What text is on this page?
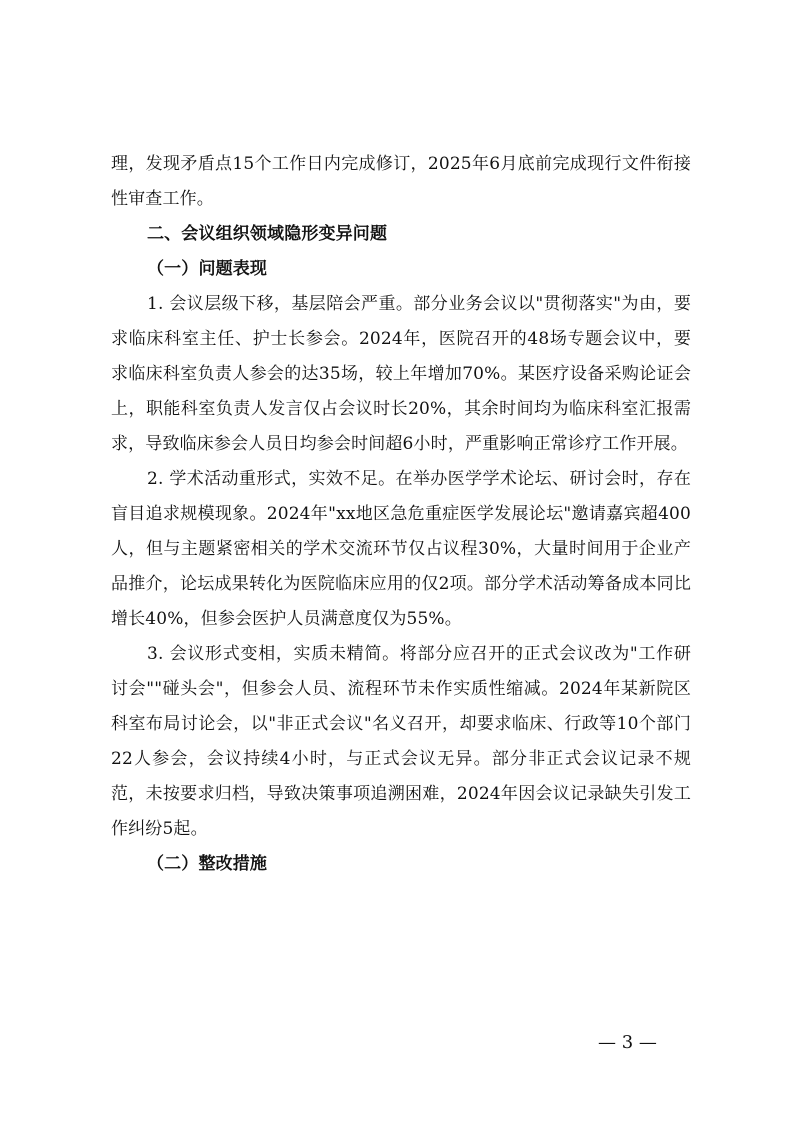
理，发现矛盾点15个工作日内完成修订，2025年6月底前完成现行文件衔接性审查工作。

二、会议组织领域隐形变异问题

（一）问题表现

1. 会议层级下移，基层陪会严重。部分业务会议以"贯彻落实"为由，要求临床科室主任、护士长参会。2024年，医院召开的48场专题会议中，要求临床科室负责人参会的达35场，较上年增加70%。某医疗设备采购论证会上，职能科室负责人发言仅占会议时长20%，其余时间均为临床科室汇报需求，导致临床参会人员日均参会时间超6小时，严重影响正常诊疗工作开展。

2. 学术活动重形式，实效不足。在举办医学学术论坛、研讨会时，存在盲目追求规模现象。2024年"xx地区急危重症医学发展论坛"邀请嘉宾超400人，但与主题紧密相关的学术交流环节仅占议程30%，大量时间用于企业产品推介，论坛成果转化为医院临床应用的仅2项。部分学术活动筹备成本同比增长40%，但参会医护人员满意度仅为55%。

3. 会议形式变相，实质未精简。将部分应召开的正式会议改为"工作研讨会""碰头会"，但参会人员、流程环节未作实质性缩减。2024年某新院区科室布局讨论会，以"非正式会议"名义召开，却要求临床、行政等10个部门22人参会，会议持续4小时，与正式会议无异。部分非正式会议记录不规范，未按要求归档，导致决策事项追溯困难，2024年因会议记录缺失引发工作纠纷5起。

（二）整改措施

— 3 —
